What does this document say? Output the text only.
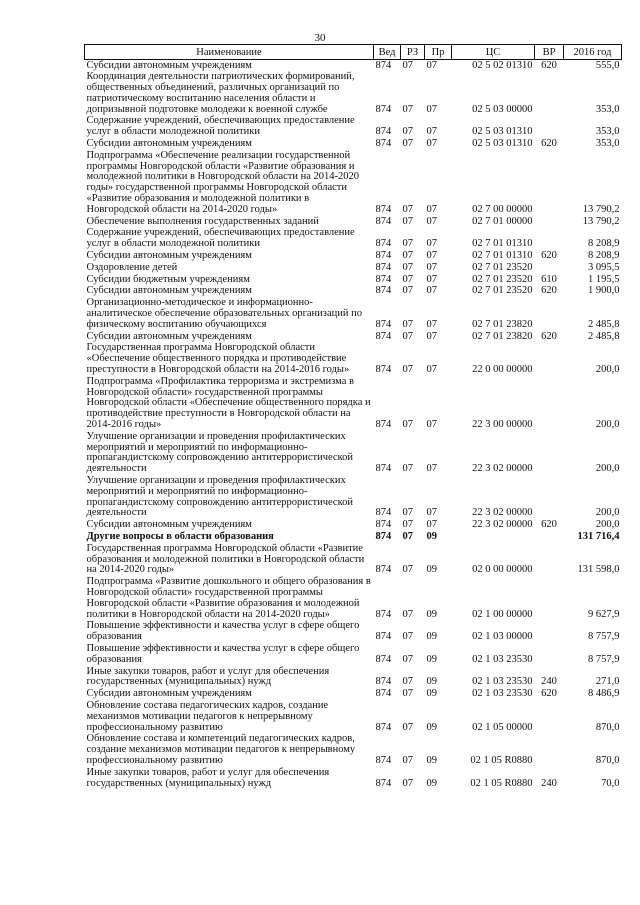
30
Наименование	Вед	РЗ	Пр	ЦС	ВР	2016 год
Субсидии автономным учреждениям	874	07	07	02 5 02 01310	620	555,0
Координация деятельности патриотических формирований, общественных объединений, различных организаций по патриотическому воспитанию населения области и допризывной подготовке молодежи к военной службе	874	07	07	02 5 03 00000		353,0
Содержание учреждений, обеспечивающих предоставление услуг в области молодежной политики	874	07	07	02 5 03 01310		353,0
Субсидии автономным учреждениям	874	07	07	02 5 03 01310	620	353,0
Подпрограмма «Обеспечение реализации государственной программы Новгородской области «Развитие образования и молодежной политики в Новгородской области на 2014-2020 годы» государственной программы Новгородской области «Развитие образования и молодежной политики в Новгородской области на 2014-2020 годы»	874	07	07	02 7 00 00000		13 790,2
Обеспечение выполнения государственных заданий	874	07	07	02 7 01 00000		13 790,2
Содержание учреждений, обеспечивающих предоставление услуг в области молодежной политики	874	07	07	02 7 01 01310		8 208,9
Субсидии автономным учреждениям	874	07	07	02 7 01 01310	620	8 208,9
Оздоровление детей	874	07	07	02 7 01 23520		3 095,5
Субсидии бюджетным учреждениям	874	07	07	02 7 01 23520	610	1 195,5
Субсидии автономным учреждениям	874	07	07	02 7 01 23520	620	1 900,0
Организационно-методическое и информационно-аналитическое обеспечение образовательных организаций по физическому воспитанию обучающихся	874	07	07	02 7 01 23820		2 485,8
Субсидии автономным учреждениям	874	07	07	02 7 01 23820	620	2 485,8
Государственная программа Новгородской области «Обеспечение общественного порядка и противодействие преступности в Новгородской области на 2014-2016 годы»	874	07	07	22 0 00 00000		200,0
Подпрограмма «Профилактика терроризма и экстремизма в Новгородской области» государственной программы Новгородской области «Обеспечение общественного порядка и противодействие преступности в Новгородской области на 2014-2016 годы»	874	07	07	22 3 00 00000		200,0
Улучшение организации и проведения профилактических мероприятий и мероприятий по информационно-пропагандистскому сопровождению антитеррористической деятельности	874	07	07	22 3 02 00000		200,0
Улучшение организации и проведения профилактических мероприятий и мероприятий по информационно-пропагандистскому сопровождению антитеррористической деятельности	874	07	07	22 3 02 00000		200,0
Субсидии автономным учреждениям	874	07	07	22 3 02 00000	620	200,0
Другие вопросы в области образования	874	07	09			131 716,4
Государственная программа Новгородской области «Развитие образования и молодежной политики в Новгородской области на 2014-2020 годы»	874	07	09	02 0 00 00000		131 598,0
Подпрограмма «Развитие дошкольного и общего образования в Новгородской области» государственной программы Новгородской области «Развитие образования и молодежной политики в Новгородской области на 2014-2020 годы»	874	07	09	02 1 00 00000		9 627,9
Повышение эффективности и качества услуг в сфере общего образования	874	07	09	02 1 03 00000		8 757,9
Повышение эффективности и качества услуг в сфере общего образования	874	07	09	02 1 03 23530		8 757,9
Иные закупки товаров, работ и услуг для обеспечения государственных (муниципальных) нужд	874	07	09	02 1 03 23530	240	271,0
Субсидии автономным учреждениям	874	07	09	02 1 03 23530	620	8 486,9
Обновление состава педагогических кадров, создание механизмов мотивации педагогов к непрерывному профессиональному развитию	874	07	09	02 1 05 00000		870,0
Обновление состава и компетенций педагогических кадров, создание механизмов мотивации педагогов к непрерывному профессиональному развитию	874	07	09	02 1 05 R0880		870,0
Иные закупки товаров, работ и услуг для обеспечения государственных (муниципальных) нужд	874	07	09	02 1 05 R0880	240	70,0
